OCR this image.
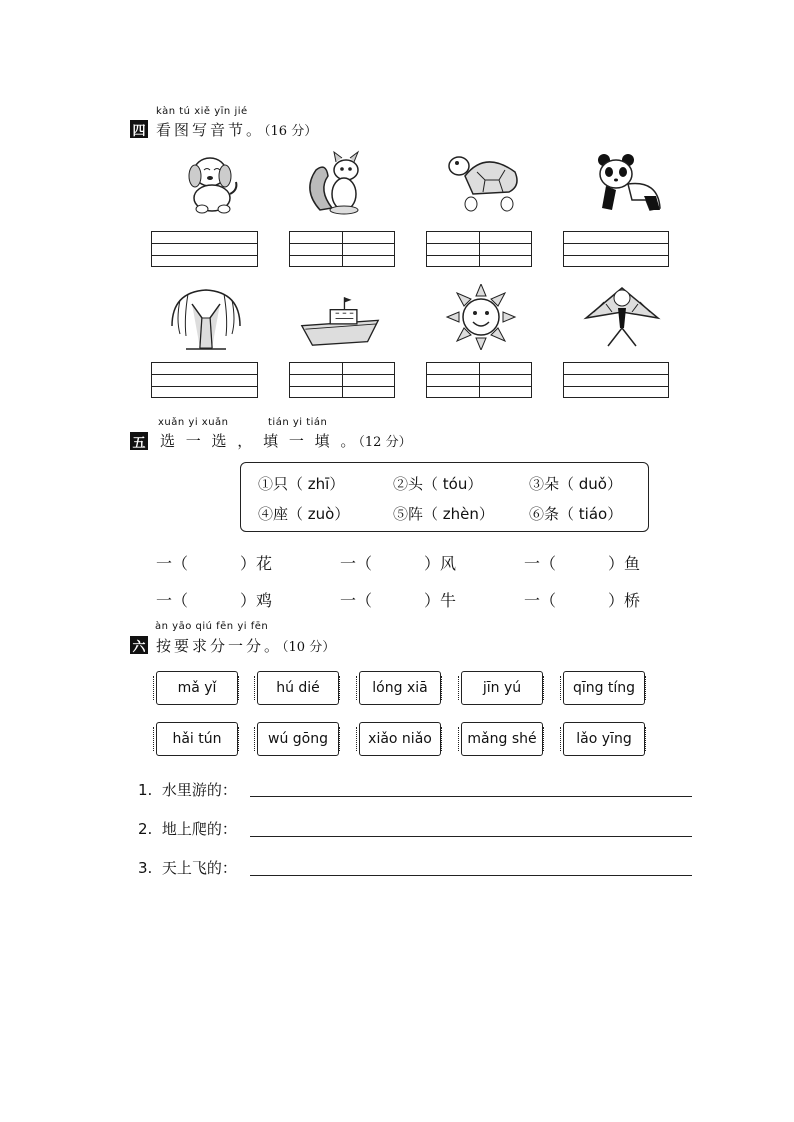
kàn tú xiě yīn jié
四 看图写音节。（16 分）
xuǎn yi xuǎn	tián yi tián
五 选 一 选 ， 填 一 填 。（12 分）
①只（ zhī）	②头（ tóu）	③朵（ duǒ）
④座（ zuò）	⑤阵（ zhèn） ⑥条（ tiáo）
一（	）花	一（	）风	一（	）鱼
一（	）鸡	一（	）牛	一（	）桥
àn yāo qiú fēn yi fēn
六 按要求分一分。（10 分）
mǎ yǐ	hú dié	lóng xiā	jīn yú	qīng tíng
hǎi tún	wú gōng	xiǎo niǎo	mǎng shé	lǎo yīng
1. 水里游的：
2. 地上爬的：
3. 天上飞的：
